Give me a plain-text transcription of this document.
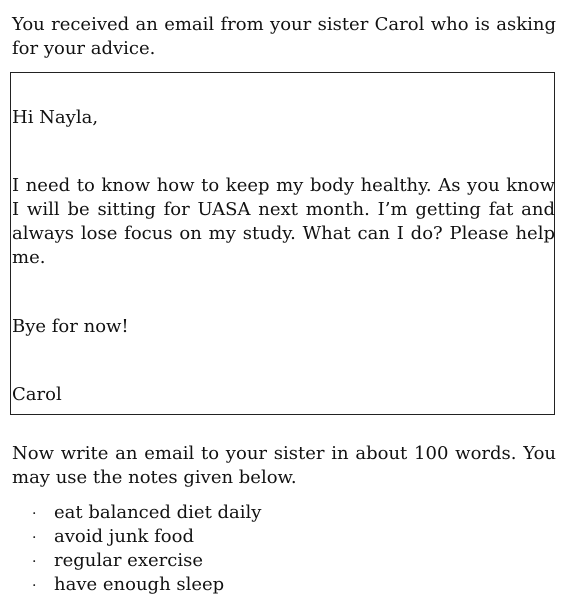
You received an email from your sister Carol who is asking for your advice.

Hi Nayla,

I need to know how to keep my body healthy. As you know I will be sitting for UASA next month. I’m getting fat and always lose focus on my study. What can I do? Please help me.

Bye for now!

Carol

Now write an email to your sister in about 100 words. You may use the notes given below.

· eat balanced diet daily
· avoid junk food
· regular exercise
· have enough sleep
